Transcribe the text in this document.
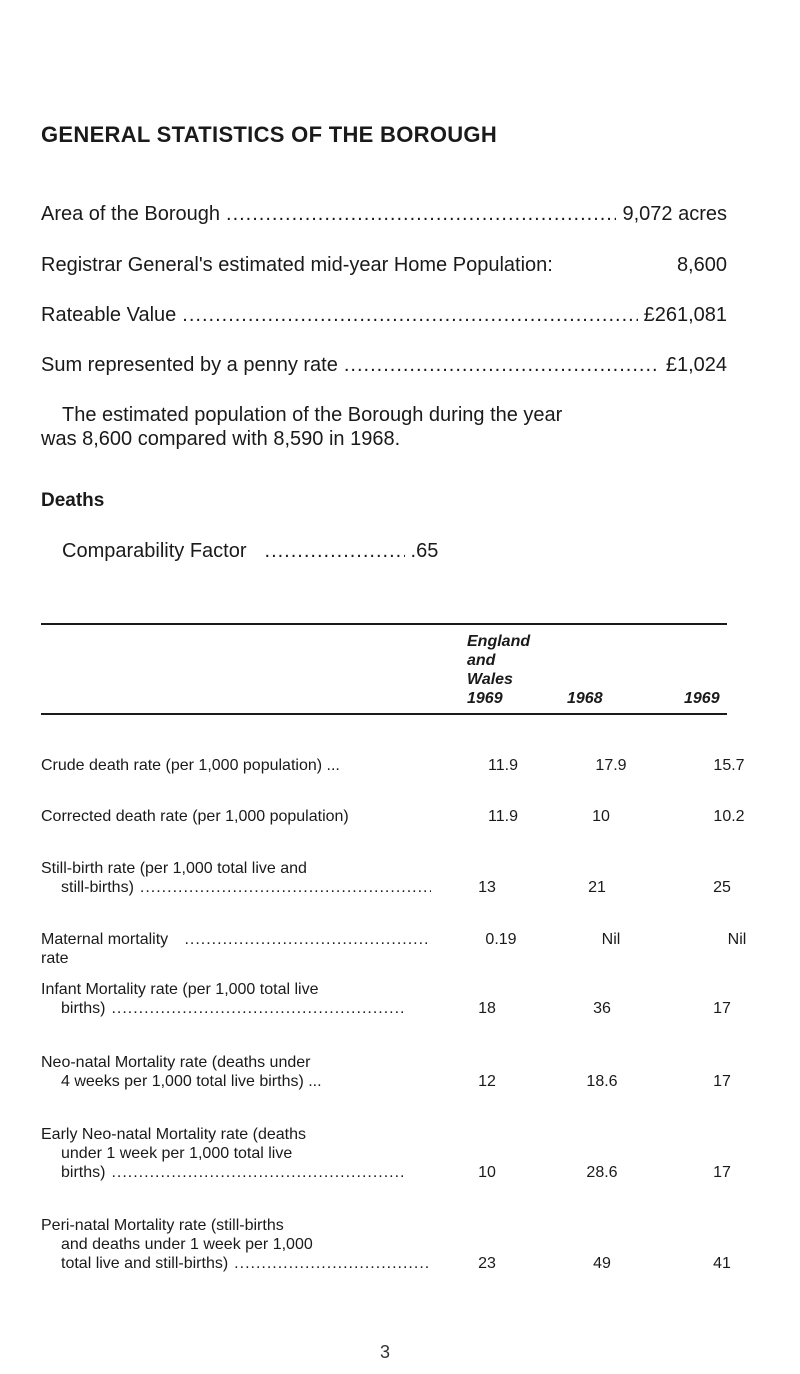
GENERAL STATISTICS OF THE BOROUGH
Area of the Borough .....	9,072 acres
Registrar General's estimated mid-year Home Population:	8,600
Rateable Value .....	£261,081
Sum represented by a penny rate .....	£1,024

The estimated population of the Borough during the year
was 8,600 compared with 8,590 in 1968.

Deaths
Comparability Factor .....	.65
England
and
Wales
1969	1968	1969
Crude death rate (per 1,000 population) ...	11.9	17.9	15.7
Corrected death rate (per 1,000 population)	11.9	10	10.2
Still-birth rate (per 1,000 total live and
still-births) .....	13	21	25
Maternal mortality rate
.....
0.19	Nil	Nil
Infant Mortality rate (per 1,000 total live
births) .....	18	36	17
Neo-natal Mortality rate (deaths under
4 weeks per 1,000 total live births) ...	12	18.6	17
Early Neo-natal Mortality rate (deaths
under 1 week per 1,000 total live
births) .....	10	28.6	17
Peri-natal Mortality rate (still-births
and deaths under 1 week per 1,000
total live and still-births) .....	23	49	41
3
